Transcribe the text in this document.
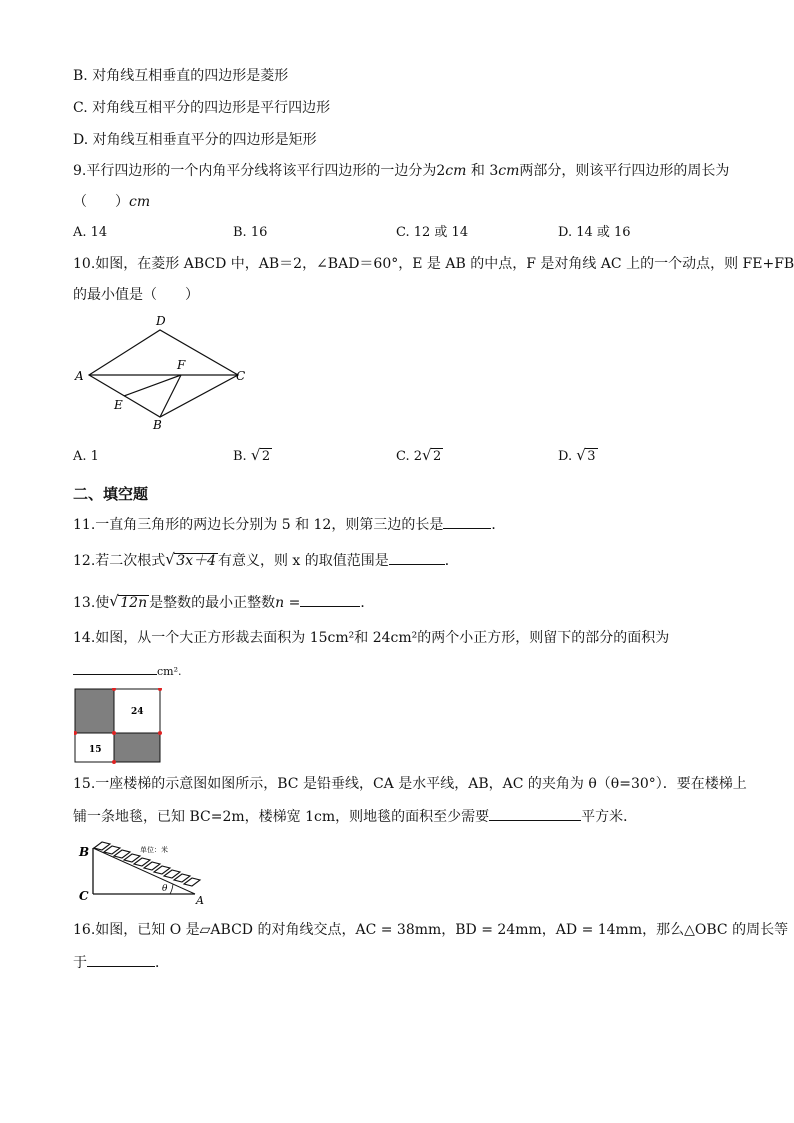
B. 对角线互相垂直的四边形是菱形
C. 对角线互相平分的四边形是平行四边形
D. 对角线互相垂直平分的四边形是矩形
9.平行四边形的一个内角平分线将该平行四边形的一边分为2cm 和 3cm两部分，则该平行四边形的周长为
（　　）cm
A. 14	B. 16	C. 12 或 14	D. 14 或 16
10.如图，在菱形 ABCD 中，AB＝2，∠BAD＝60°，E 是 AB 的中点，F 是对角线 AC 上的一个动点，则 FE+FB
的最小值是（　　）
D
A	C
F
E
B
A. 1	B. √ 2	C. 2 √ 2	D. √ 3
二、填空题
11.一直角三角形的两边长分别为 5 和 12，则第三边的长是	．
12.若二次根式 √ 3x＋4 有意义，则 x 的取值范围是	．
13.使 √ 12n 是整数的最小正整数n =	．
14.如图，从一个大正方形裁去面积为 15cm²和 24cm²的两个小正方形，则留下的部分的面积为
cm².
24
15
15.一座楼梯的示意图如图所示，BC 是铅垂线，CA 是水平线，AB，AC 的夹角为 θ（θ=30°）．要在楼梯上
铺一条地毯，已知 BC=2m，楼梯宽 1cm，则地毯的面积至少需要	平方米．
θ
B
C	A
单位：米
16.如图，已知 O 是▱ABCD 的对角线交点，AC = 38mm，BD = 24mm，AD = 14mm，那么△OBC 的周长等
于	．
